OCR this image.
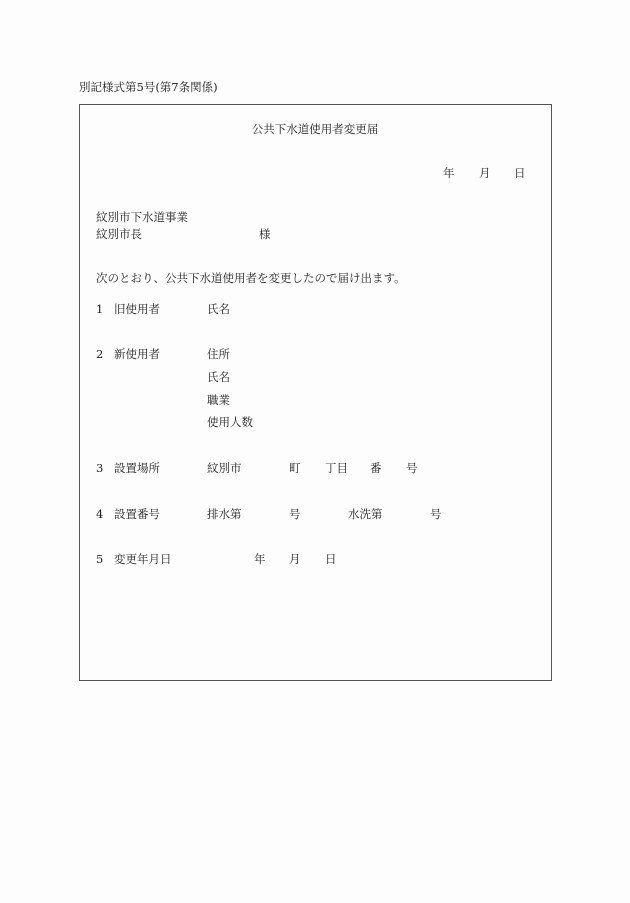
別記様式第5号(第7条関係)
公共下水道使用者変更届
年 月 日
紋別市下水道事業
紋別市長	様
次のとおり、公共下水道使用者を変更したので届け出ます。
1 旧使用者	氏名
2 新使用者	住所
氏名
職業
使用人数
3 設置場所	紋別市	町 丁目 番 号
4 設置番号	排水第	号	水洗第	号
5 変更年月日	年 月 日
